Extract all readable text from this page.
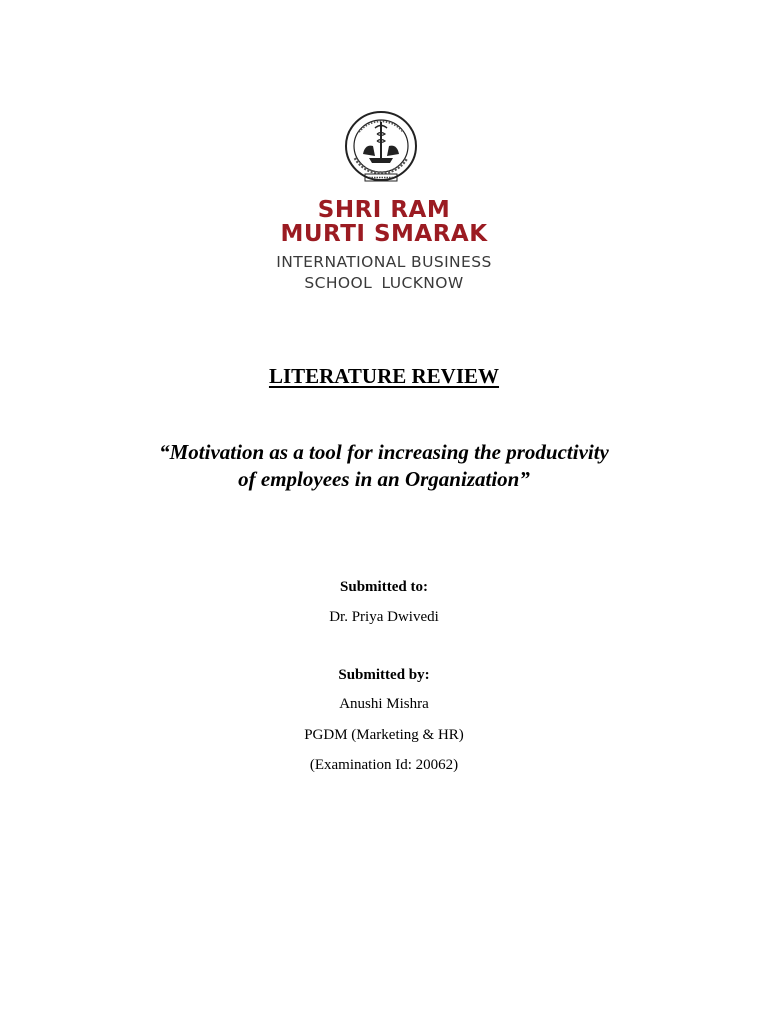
SHRI RAM
MURTI SMARAK
INTERNATIONAL BUSINESS
SCHOOL LUCKNOW
LITERATURE REVIEW
“Motivation as a tool for increasing the productivity
of employees in an Organization”
Submitted to:
Dr. Priya Dwivedi
Submitted by:
Anushi Mishra
PGDM (Marketing & HR)
(Examination Id: 20062)
